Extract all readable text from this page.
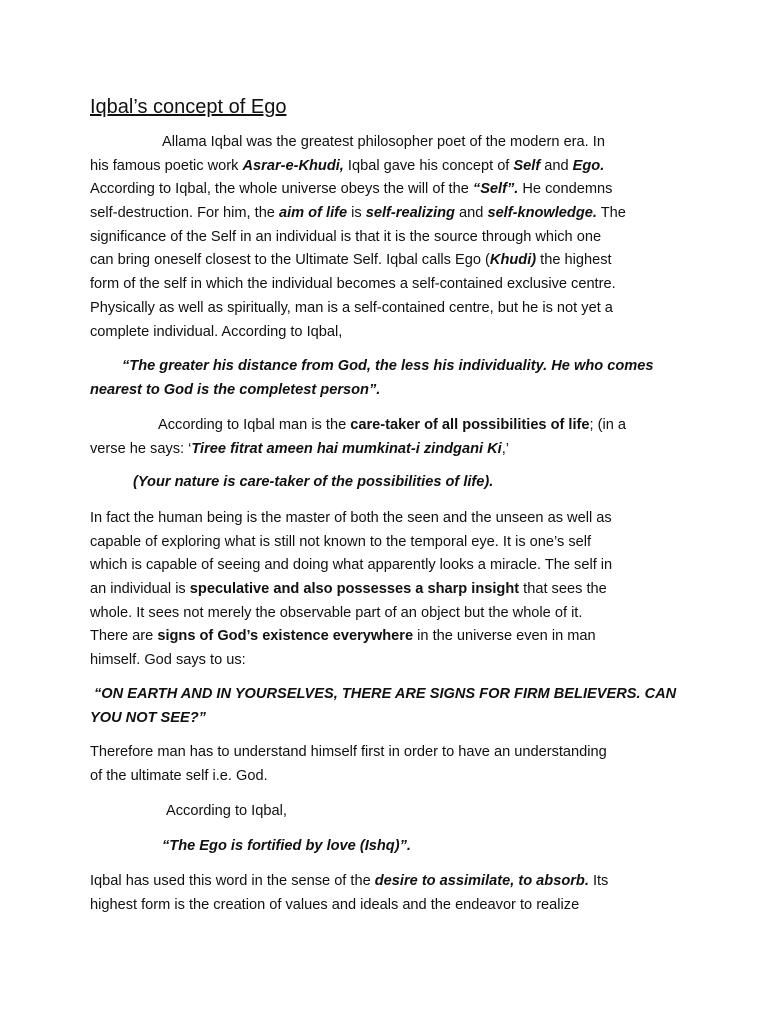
Iqbal’s concept of Ego
Allama Iqbal was the greatest philosopher poet of the modern era. In
his famous poetic work Asrar-e-Khudi, Iqbal gave his concept of Self and Ego.
According to Iqbal, the whole universe obeys the will of the “Self”. He condemns
self-destruction. For him, the aim of life is self-realizing and self-knowledge. The
significance of the Self in an individual is that it is the source through which one
can bring oneself closest to the Ultimate Self. Iqbal calls Ego (Khudi) the highest
form of the self in which the individual becomes a self-contained exclusive centre.
Physically as well as spiritually, man is a self-contained centre, but he is not yet a
complete individual. According to Iqbal,
“The greater his distance from God, the less his individuality. He who comes
nearest to God is the completest person”.
According to Iqbal man is the care-taker of all possibilities of life; (in a
verse he says: ‘Tiree fitrat ameen hai mumkinat-i zindgani Ki,’
(Your nature is care-taker of the possibilities of life).
In fact the human being is the master of both the seen and the unseen as well as
capable of exploring what is still not known to the temporal eye. It is one’s self
which is capable of seeing and doing what apparently looks a miracle. The self in
an individual is speculative and also possesses a sharp insight that sees the
whole. It sees not merely the observable part of an object but the whole of it.
There are signs of God’s existence everywhere in the universe even in man
himself. God says to us:
“ON EARTH AND IN YOURSELVES, THERE ARE SIGNS FOR FIRM BELIEVERS. CAN
YOU NOT SEE?”
Therefore man has to understand himself first in order to have an understanding
of the ultimate self i.e. God.
According to Iqbal,
“The Ego is fortified by love (Ishq)”.
Iqbal has used this word in the sense of the desire to assimilate, to absorb. Its
highest form is the creation of values and ideals and the endeavor to realize
